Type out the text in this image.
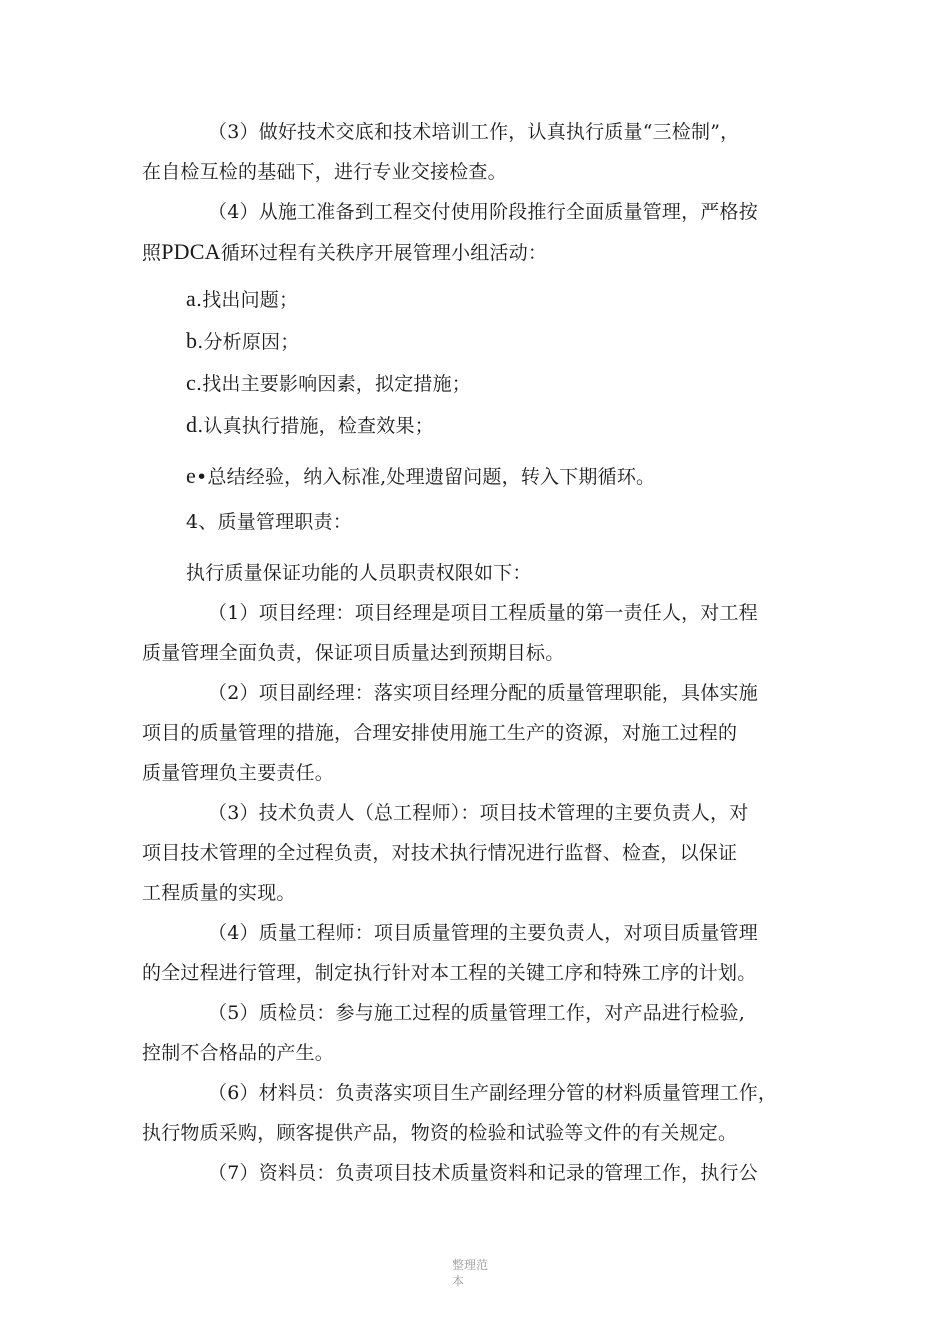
（3）做好技术交底和技术培训工作，认真执行质量“三检制”，
在自检互检的基础下，进行专业交接检查。
（4）从施工准备到工程交付使用阶段推行全面质量管理，严格按
照PDCA循环过程有关秩序开展管理小组活动：
a.找出问题；
b.分析原因；
c.找出主要影响因素，拟定措施；
d.认真执行措施，检查效果；
e•总结经验，纳入标准,处理遗留问题，转入下期循环。
4、质量管理职责：
执行质量保证功能的人员职责权限如下：
（1）项目经理：项目经理是项目工程质量的第一责任人，对工程
质量管理全面负责，保证项目质量达到预期目标。
（2）项目副经理：落实项目经理分配的质量管理职能，具体实施
项目的质量管理的措施，合理安排使用施工生产的资源，对施工过程的
质量管理负主要责任。
（3）技术负责人（总工程师）：项目技术管理的主要负责人，对
项目技术管理的全过程负责，对技术执行情况进行监督、检查，以保证
工程质量的实现。
（4）质量工程师：项目质量管理的主要负责人，对项目质量管理
的全过程进行管理，制定执行针对本工程的关键工序和特殊工序的计划。
（5）质检员：参与施工过程的质量管理工作，对产品进行检验,
控制不合格品的产生。
（6）材料员：负责落实项目生产副经理分管的材料质量管理工作，
执行物质采购，顾客提供产品，物资的检验和试验等文件的有关规定。
（7）资料员：负责项目技术质量资料和记录的管理工作，执行公
整理范本
